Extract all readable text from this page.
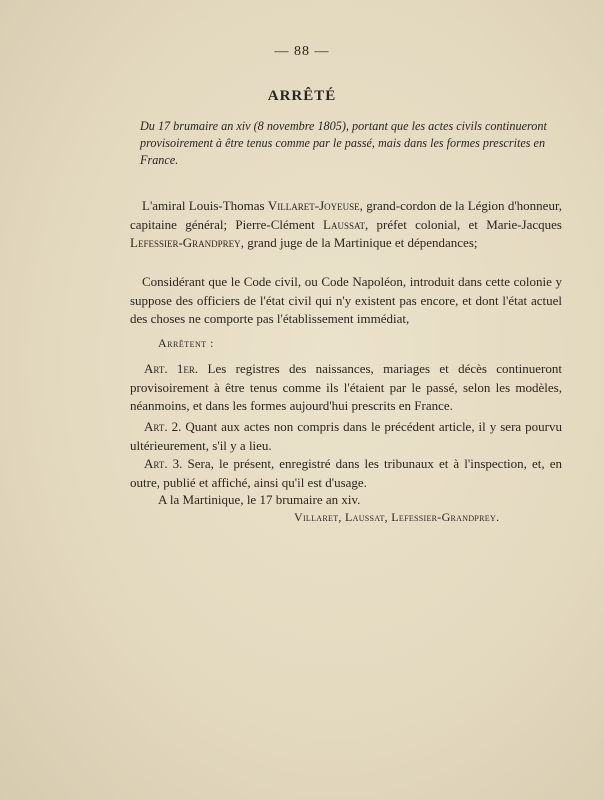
— 88 —
ARRÊTÉ

Du 17 brumaire an xiv (8 novembre 1805), portant que les actes civils continueront provisoirement à être tenus comme par le passé, mais dans les formes prescrites en France.

L'amiral Louis-Thomas Villaret-Joyeuse, grand-cordon de la Légion d'honneur, capitaine général; Pierre-Clément Laussat, préfet colonial, et Marie-Jacques Lefessier-Grandprey, grand juge de la Martinique et dépendances;

Considérant que le Code civil, ou Code Napoléon, introduit dans cette colonie y suppose des officiers de l'état civil qui n'y existent pas encore, et dont l'état actuel des choses ne comporte pas l'établissement immédiat,

Arrêtent :

Art. 1er. Les registres des naissances, mariages et décès continueront provisoirement à être tenus comme ils l'étaient par le passé, selon les modèles, néanmoins, et dans les formes aujourd'hui prescrits en France.

Art. 2. Quant aux actes non compris dans le précédent article, il y sera pourvu ultérieurement, s'il y a lieu.

Art. 3. Sera, le présent, enregistré dans les tribunaux et à l'inspection, et, en outre, publié et affiché, ainsi qu'il est d'usage.

A la Martinique, le 17 brumaire an xiv.

Villaret, Laussat, Lefessier-Grandprey.
